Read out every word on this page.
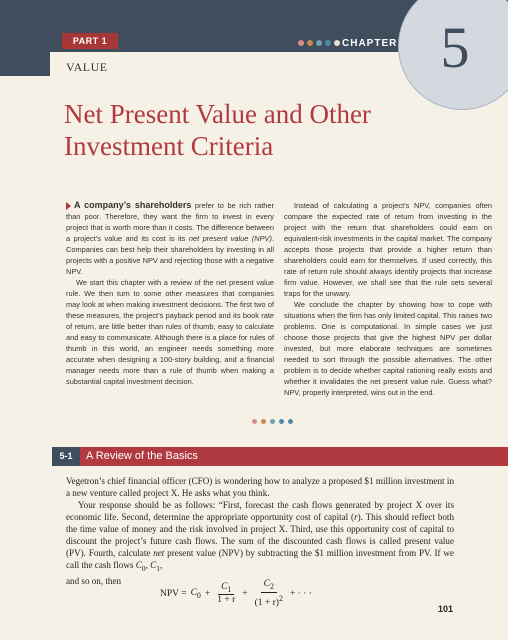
PART 1	CHAPTER 5
VALUE
Net Present Value and Other Investment Criteria

A company’s shareholders prefer to be rich rather than poor. Therefore, they want the firm to invest in every project that is worth more than it costs. The difference between a project’s value and its cost is its net present value (NPV). Companies can best help their shareholders by investing in all projects with a positive NPV and rejecting those with a negative NPV.

We start this chapter with a review of the net present value rule. We then turn to some other measures that companies may look at when making investment decisions. The first two of these measures, the project’s payback period and its book rate of return, are little better than rules of thumb, easy to calculate and easy to communicate. Although there is a place for rules of thumb in this world, an engineer needs something more accurate when designing a 100-story building, and a financial manager needs more than a rule of thumb when making a substantial capital investment decision.

Instead of calculating a project’s NPV, companies often compare the expected rate of return from investing in the project with the return that shareholders could earn on equivalent-risk investments in the capital market. The company accepts those projects that provide a higher return than shareholders could earn for themselves. If used correctly, this rate of return rule should always identify projects that increase firm value. However, we shall see that the rule sets several traps for the unwary.

We conclude the chapter by showing how to cope with situations when the firm has only limited capital. This raises two problems. One is computational. In simple cases we just choose those projects that give the highest NPV per dollar invested, but more elaborate techniques are sometimes needed to sort through the possible alternatives. The other problem is to decide whether capital rationing really exists and whether it invalidates the net present value rule. Guess what? NPV, properly interpreted, wins out in the end.

5-1	A Review of the Basics

Vegetron’s chief financial officer (CFO) is wondering how to analyze a proposed $1 million investment in a new venture called project X. He asks what you think.

Your response should be as follows: “First, forecast the cash flows generated by project X over its economic life. Second, determine the appropriate opportunity cost of capital (r). This should reflect both the time value of money and the risk involved in project X. Third, use this opportunity cost of capital to discount the project’s future cash flows. The sum of the discounted cash flows is called present value (PV). Fourth, calculate net present value (NPV) by subtracting the $1 million investment from PV. If we call the cash flows $C_0$, $C_1$,
and so on, then

NPV = $C_0 + \frac{C_1}{1 + r} + \frac{C_2}{(1 + r)^2}$ + · · ·
101
